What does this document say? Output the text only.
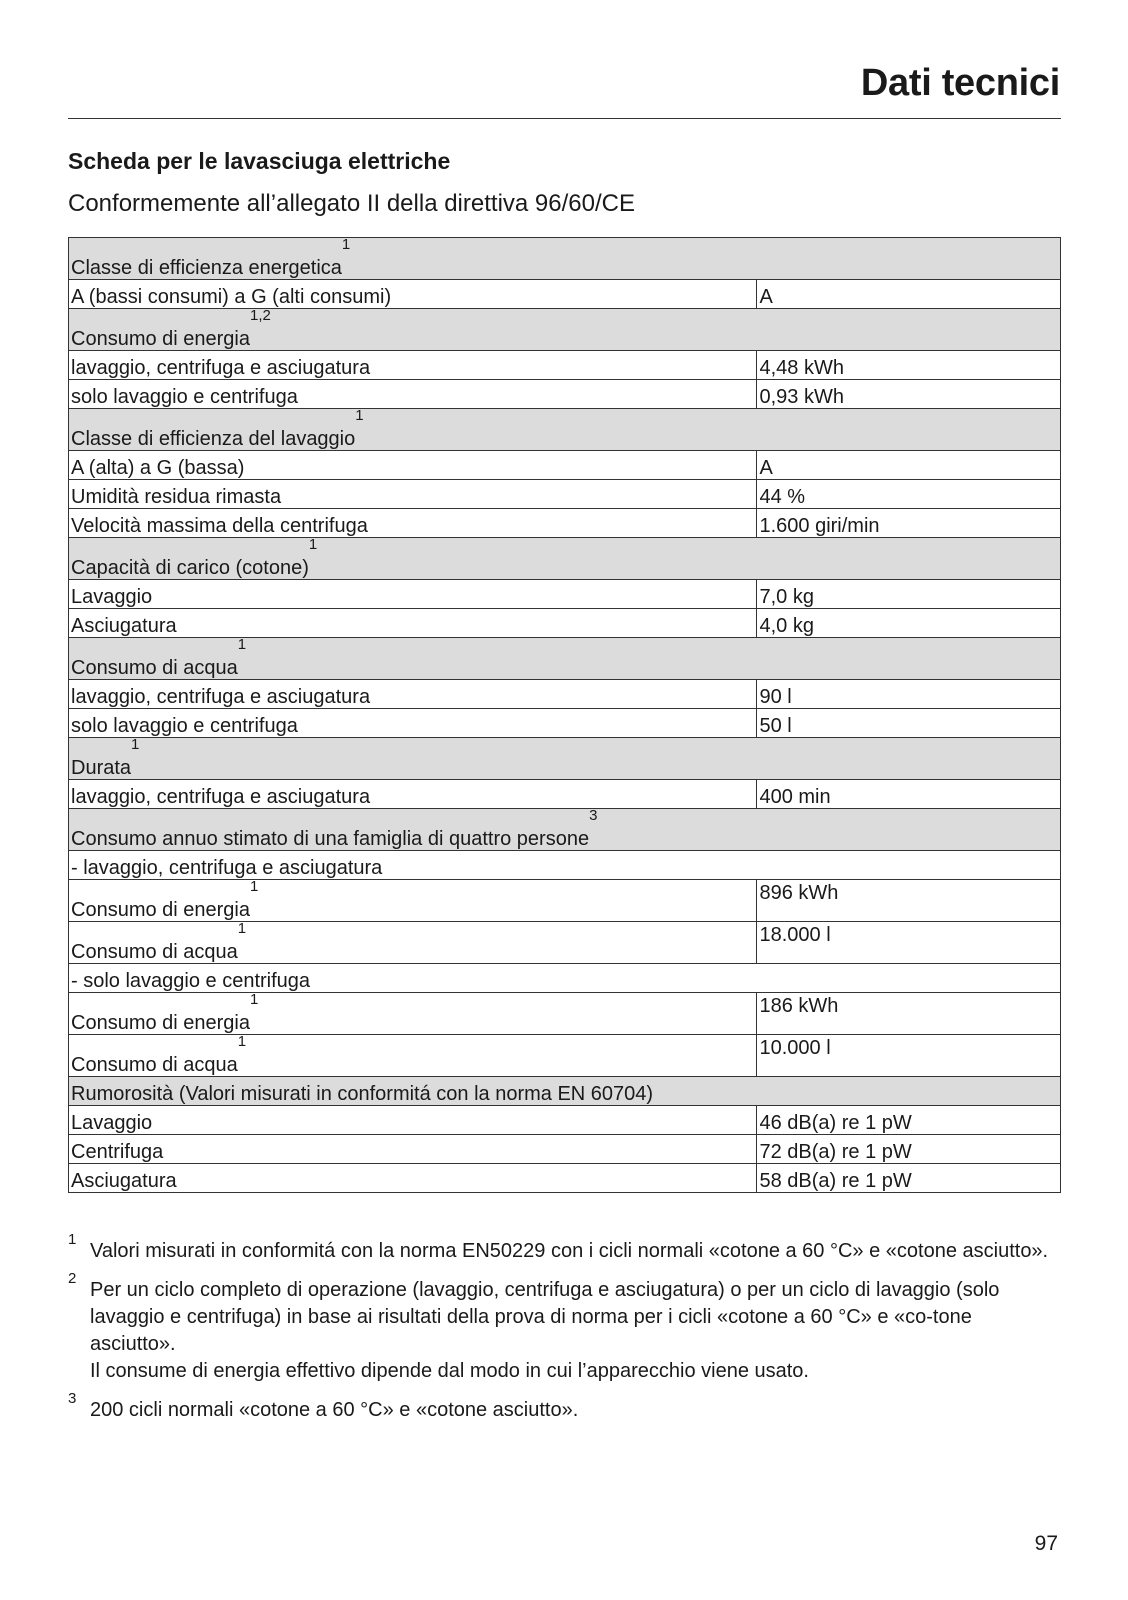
Dati tecnici
Scheda per le lavasciuga elettriche
Conformemente all’allegato II della direttiva 96/60/CE
Classe di efficienza energetica$^1$
A (bassi consumi) a G (alti consumi)	A
Consumo di energia$^{1,2}$
lavaggio, centrifuga e asciugatura	4,48 kWh
solo lavaggio e centrifuga	0,93 kWh
Classe di efficienza del lavaggio$^1$
A (alta) a G (bassa)	A
Umidità residua rimasta	44 %
Velocità massima della centrifuga	1.600 giri/min
Capacità di carico (cotone)$^1$
Lavaggio	7,0 kg
Asciugatura	4,0 kg
Consumo di acqua$^1$
lavaggio, centrifuga e asciugatura	90 l
solo lavaggio e centrifuga	50 l
Durata$^1$
lavaggio, centrifuga e asciugatura	400 min
Consumo annuo stimato di una famiglia di quattro persone$^3$
- lavaggio, centrifuga e asciugatura	
Consumo di energia$^1$	896 kWh
Consumo di acqua$^1$	18.000 l
- solo lavaggio e centrifuga	
Consumo di energia$^1$	186 kWh
Consumo di acqua$^1$	10.000 l
Rumorosità (Valori misurati in conformitá con la norma EN 60704)	
Lavaggio	46 dB(a) re 1 pW
Centrifuga	72 dB(a) re 1 pW
Asciugatura	58 dB(a) re 1 pW
1

Valori misurati in conformitá con la norma EN50229 con i cicli normali «cotone a 60 °C» e «cotone asciutto».

2

Per un ciclo completo di operazione (lavaggio, centrifuga e asciugatura) o per un ciclo di lavaggio (solo lavaggio e centrifuga) in base ai risultati della prova di norma per i cicli «cotone a 60 °C» e «co-tone asciutto».

Il consume di energia effettivo dipende dal modo in cui l’apparecchio viene usato.

3

200 cicli normali «cotone a 60 °C» e «cotone asciutto».

97
